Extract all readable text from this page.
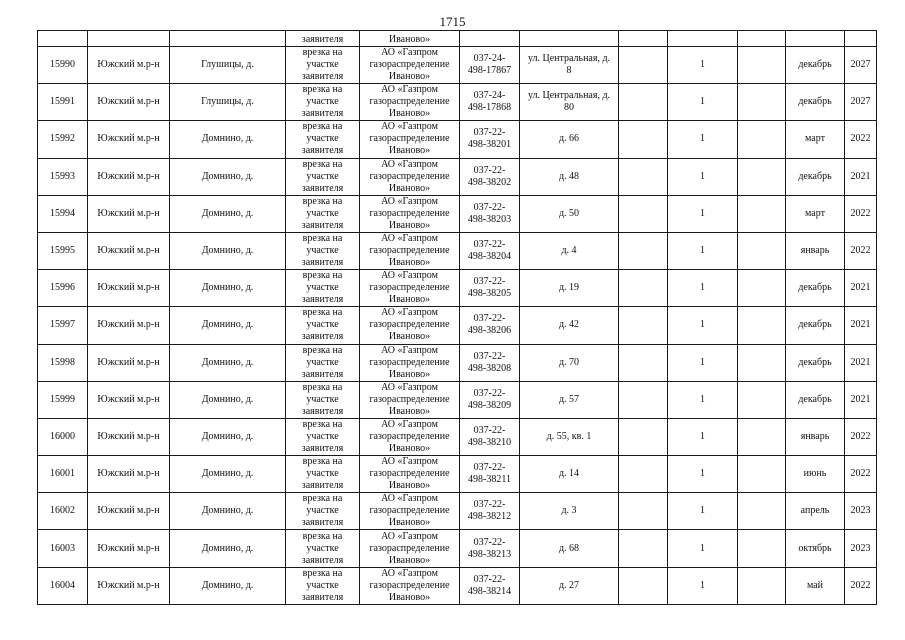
1715
			заявителя	Иваново»							
15990	Южский м.р-н	Глушицы, д.	врезка на
участке
заявителя	АО «Газпром
газораспределение
Иваново»	037-24-
498-17867	ул. Центральная, д.
8		1		декабрь	2027
15991	Южский м.р-н	Глушицы, д.	врезка на
участке
заявителя	АО «Газпром
газораспределение
Иваново»	037-24-
498-17868	ул. Центральная, д.
80		1		декабрь	2027
15992	Южский м.р-н	Домнино, д.	врезка на
участке
заявителя	АО «Газпром
газораспределение
Иваново»	037-22-
498-38201	д. 66		1		март	2022
15993	Южский м.р-н	Домнино, д.	врезка на
участке
заявителя	АО «Газпром
газораспределение
Иваново»	037-22-
498-38202	д. 48		1		декабрь	2021
15994	Южский м.р-н	Домнино, д.	врезка на
участке
заявителя	АО «Газпром
газораспределение
Иваново»	037-22-
498-38203	д. 50		1		март	2022
15995	Южский м.р-н	Домнино, д.	врезка на
участке
заявителя	АО «Газпром
газораспределение
Иваново»	037-22-
498-38204	д. 4		1		январь	2022
15996	Южский м.р-н	Домнино, д.	врезка на
участке
заявителя	АО «Газпром
газораспределение
Иваново»	037-22-
498-38205	д. 19		1		декабрь	2021
15997	Южский м.р-н	Домнино, д.	врезка на
участке
заявителя	АО «Газпром
газораспределение
Иваново»	037-22-
498-38206	д. 42		1		декабрь	2021
15998	Южский м.р-н	Домнино, д.	врезка на
участке
заявителя	АО «Газпром
газораспределение
Иваново»	037-22-
498-38208	д. 70		1		декабрь	2021
15999	Южский м.р-н	Домнино, д.	врезка на
участке
заявителя	АО «Газпром
газораспределение
Иваново»	037-22-
498-38209	д. 57		1		декабрь	2021
16000	Южский м.р-н	Домнино, д.	врезка на
участке
заявителя	АО «Газпром
газораспределение
Иваново»	037-22-
498-38210	д. 55, кв. 1		1		январь	2022
16001	Южский м.р-н	Домнино, д.	врезка на
участке
заявителя	АО «Газпром
газораспределение
Иваново»	037-22-
498-38211	д. 14		1		июнь	2022
16002	Южский м.р-н	Домнино, д.	врезка на
участке
заявителя	АО «Газпром
газораспределение
Иваново»	037-22-
498-38212	д. 3		1		апрель	2023
16003	Южский м.р-н	Домнино, д.	врезка на
участке
заявителя	АО «Газпром
газораспределение
Иваново»	037-22-
498-38213	д. 68		1		октябрь	2023
16004	Южский м.р-н	Домнино, д.	врезка на
участке
заявителя	АО «Газпром
газораспределение
Иваново»	037-22-
498-38214	д. 27		1		май	2022
